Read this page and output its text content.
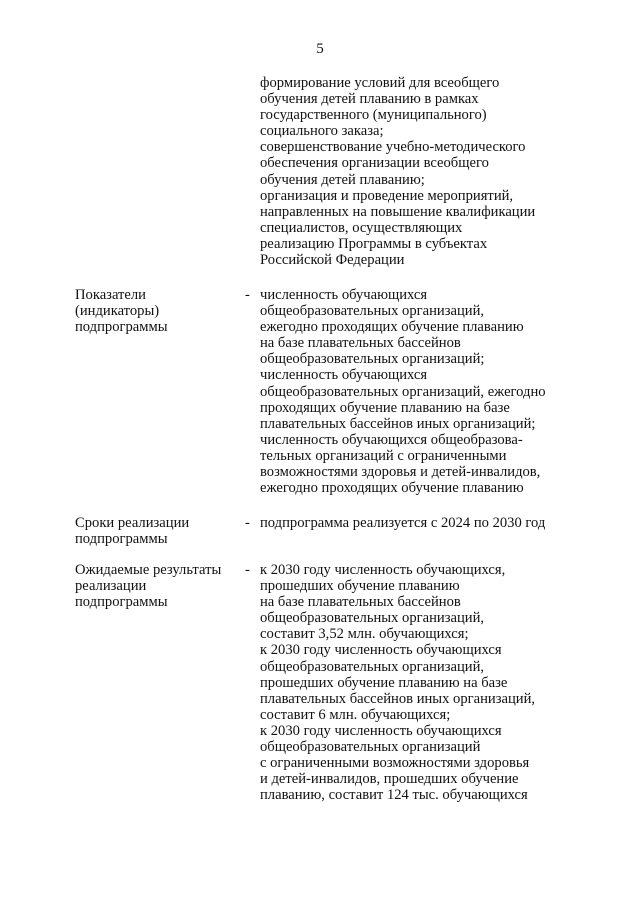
5
формирование условий для всеобщего
обучения детей плаванию в рамках
государственного (муниципального)
социального заказа;
совершенствование учебно-методического
обеспечения организации всеобщего
обучения детей плаванию;
организация и проведение мероприятий,
направленных на повышение квалификации
специалистов, осуществляющих
реализацию Программы в субъектах
Российской Федерации
Показатели
(индикаторы)
подпрограммы
- численность обучающихся
общеобразовательных организаций,
ежегодно проходящих обучение плаванию
на базе плавательных бассейнов
общеобразовательных организаций;
численность обучающихся
общеобразовательных организаций, ежегодно
проходящих обучение плаванию на базе
плавательных бассейнов иных организаций;
численность обучающихся общеобразова-
тельных организаций с ограниченными
возможностями здоровья и детей-инвалидов,
ежегодно проходящих обучение плаванию
Сроки реализации
подпрограммы
- подпрограмма реализуется с 2024 по 2030 год
Ожидаемые результаты
реализации
подпрограммы
- к 2030 году численность обучающихся,
прошедших обучение плаванию
на базе плавательных бассейнов
общеобразовательных организаций,
составит 3,52 млн. обучающихся;
к 2030 году численность обучающихся
общеобразовательных организаций,
прошедших обучение плаванию на базе
плавательных бассейнов иных организаций,
составит 6 млн. обучающихся;
к 2030 году численность обучающихся
общеобразовательных организаций
с ограниченными возможностями здоровья
и детей-инвалидов, прошедших обучение
плаванию, составит 124 тыс. обучающихся
